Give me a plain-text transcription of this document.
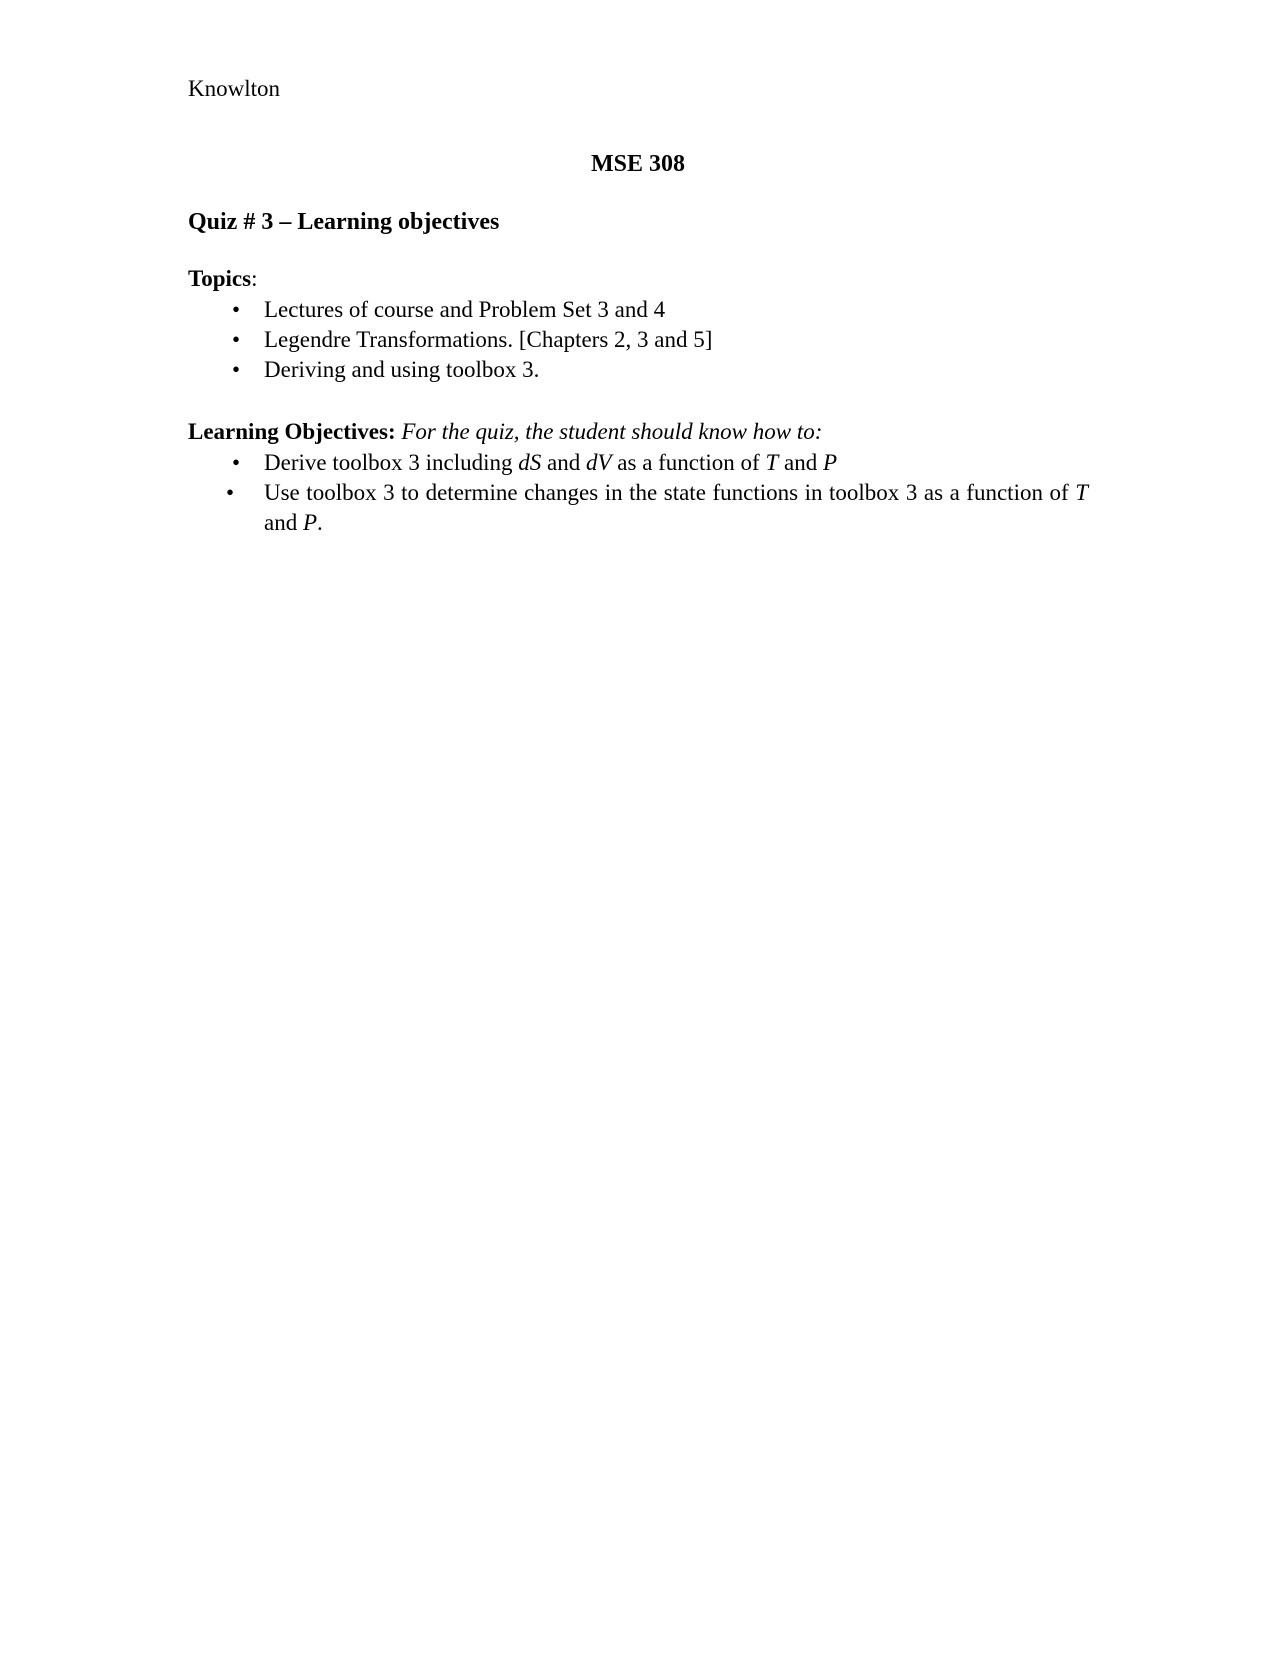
Knowlton

MSE 308

Quiz # 3 – Learning objectives

Topics:

• Lectures of course and Problem Set 3 and 4
• Legendre Transformations. [Chapters 2, 3 and 5]
• Deriving and using toolbox 3.

Learning Objectives: For the quiz, the student should know how to:

• Derive toolbox 3 including dS and dV as a function of T and P
•	Use toolbox 3 to determine changes in the state functions in toolbox 3 as a function of T and P.
